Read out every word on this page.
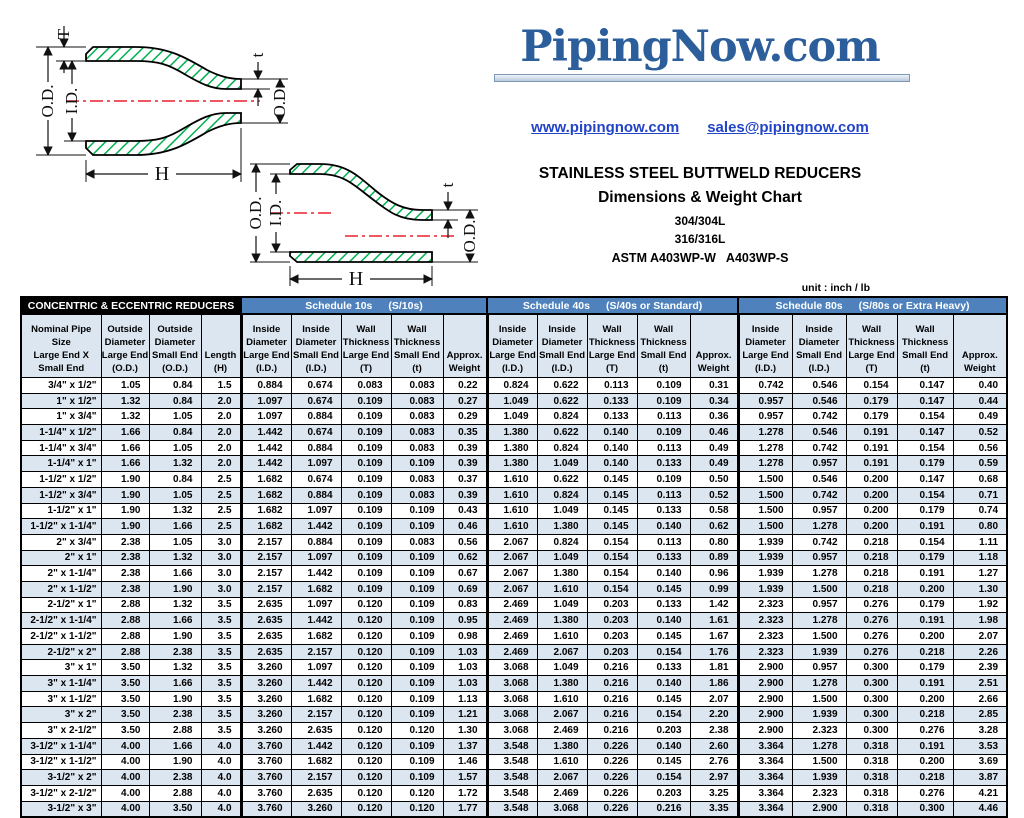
T
O.D. I.D.
t
O.D.
H
O.D. I.D.
t
O.D.
H
PipingNow.com
www.pipingnow.com sales@pipingnow.com
STAINLESS STEEL BUTTWELD REDUCERS
Dimensions & Weight Chart
304/304L
316/316L
ASTM A403WP-W   A403WP-S
unit : inch / lb
CONCENTRIC & ECCENTRIC REDUCERS				Schedule 10s (S/10s)					Schedule 40s (S/40s or Standard)					Schedule 80s (S/80s or Extra Heavy)				

Nominal Pipe
Size
Large End X
Small End	Outside
Diameter
Large End
(O.D.)	Outside
Diameter
Small End
(O.D.)	Length
(H)	Inside
Diameter
Large End
(I.D.)	Inside
Diameter
Small End
(I.D.)	Wall
Thickness
Large End
(T)	Wall
Thickness
Small End
(t)	Approx.
Weight	Inside
Diameter
Large End
(I.D.)	Inside
Diameter
Small End
(I.D.)	Wall
Thickness
Large End
(T)	Wall
Thickness
Small End
(t)	Approx.
Weight	Inside
Diameter
Large End
(I.D.)	Inside
Diameter
Small End
(I.D.)	Wall
Thickness
Large End
(T)	Wall
Thickness
Small End
(t)	Approx.
Weight
3/4" x 1/2"	1.05	0.84	1.5	0.884	0.674	0.083	0.083	0.22	0.824	0.622	0.113	0.109	0.31	0.742	0.546	0.154	0.147	0.40
1" x 1/2"	1.32	0.84	2.0	1.097	0.674	0.109	0.083	0.27	1.049	0.622	0.133	0.109	0.34	0.957	0.546	0.179	0.147	0.44
1" x 3/4"	1.32	1.05	2.0	1.097	0.884	0.109	0.083	0.29	1.049	0.824	0.133	0.113	0.36	0.957	0.742	0.179	0.154	0.49
1-1/4" x 1/2"	1.66	0.84	2.0	1.442	0.674	0.109	0.083	0.35	1.380	0.622	0.140	0.109	0.46	1.278	0.546	0.191	0.147	0.52
1-1/4" x 3/4"	1.66	1.05	2.0	1.442	0.884	0.109	0.083	0.39	1.380	0.824	0.140	0.113	0.49	1.278	0.742	0.191	0.154	0.56
1-1/4" x 1"	1.66	1.32	2.0	1.442	1.097	0.109	0.109	0.39	1.380	1.049	0.140	0.133	0.49	1.278	0.957	0.191	0.179	0.59
1-1/2" x 1/2"	1.90	0.84	2.5	1.682	0.674	0.109	0.083	0.37	1.610	0.622	0.145	0.109	0.50	1.500	0.546	0.200	0.147	0.68
1-1/2" x 3/4"	1.90	1.05	2.5	1.682	0.884	0.109	0.083	0.39	1.610	0.824	0.145	0.113	0.52	1.500	0.742	0.200	0.154	0.71
1-1/2" x 1"	1.90	1.32	2.5	1.682	1.097	0.109	0.109	0.43	1.610	1.049	0.145	0.133	0.58	1.500	0.957	0.200	0.179	0.74
1-1/2" x 1-1/4"	1.90	1.66	2.5	1.682	1.442	0.109	0.109	0.46	1.610	1.380	0.145	0.140	0.62	1.500	1.278	0.200	0.191	0.80
2" x 3/4"	2.38	1.05	3.0	2.157	0.884	0.109	0.083	0.56	2.067	0.824	0.154	0.113	0.80	1.939	0.742	0.218	0.154	1.11
2" x 1"	2.38	1.32	3.0	2.157	1.097	0.109	0.109	0.62	2.067	1.049	0.154	0.133	0.89	1.939	0.957	0.218	0.179	1.18
2" x 1-1/4"	2.38	1.66	3.0	2.157	1.442	0.109	0.109	0.67	2.067	1.380	0.154	0.140	0.96	1.939	1.278	0.218	0.191	1.27
2" x 1-1/2"	2.38	1.90	3.0	2.157	1.682	0.109	0.109	0.69	2.067	1.610	0.154	0.145	0.99	1.939	1.500	0.218	0.200	1.30
2-1/2" x 1"	2.88	1.32	3.5	2.635	1.097	0.120	0.109	0.83	2.469	1.049	0.203	0.133	1.42	2.323	0.957	0.276	0.179	1.92
2-1/2" x 1-1/4"	2.88	1.66	3.5	2.635	1.442	0.120	0.109	0.95	2.469	1.380	0.203	0.140	1.61	2.323	1.278	0.276	0.191	1.98
2-1/2" x 1-1/2"	2.88	1.90	3.5	2.635	1.682	0.120	0.109	0.98	2.469	1.610	0.203	0.145	1.67	2.323	1.500	0.276	0.200	2.07
2-1/2" x 2"	2.88	2.38	3.5	2.635	2.157	0.120	0.109	1.03	2.469	2.067	0.203	0.154	1.76	2.323	1.939	0.276	0.218	2.26
3" x 1"	3.50	1.32	3.5	3.260	1.097	0.120	0.109	1.03	3.068	1.049	0.216	0.133	1.81	2.900	0.957	0.300	0.179	2.39
3" x 1-1/4"	3.50	1.66	3.5	3.260	1.442	0.120	0.109	1.03	3.068	1.380	0.216	0.140	1.86	2.900	1.278	0.300	0.191	2.51
3" x 1-1/2"	3.50	1.90	3.5	3.260	1.682	0.120	0.109	1.13	3.068	1.610	0.216	0.145	2.07	2.900	1.500	0.300	0.200	2.66
3" x 2"	3.50	2.38	3.5	3.260	2.157	0.120	0.109	1.21	3.068	2.067	0.216	0.154	2.20	2.900	1.939	0.300	0.218	2.85
3" x 2-1/2"	3.50	2.88	3.5	3.260	2.635	0.120	0.120	1.30	3.068	2.469	0.216	0.203	2.38	2.900	2.323	0.300	0.276	3.28
3-1/2" x 1-1/4"	4.00	1.66	4.0	3.760	1.442	0.120	0.109	1.37	3.548	1.380	0.226	0.140	2.60	3.364	1.278	0.318	0.191	3.53
3-1/2" x 1-1/2"	4.00	1.90	4.0	3.760	1.682	0.120	0.109	1.46	3.548	1.610	0.226	0.145	2.76	3.364	1.500	0.318	0.200	3.69
3-1/2" x 2"	4.00	2.38	4.0	3.760	2.157	0.120	0.109	1.57	3.548	2.067	0.226	0.154	2.97	3.364	1.939	0.318	0.218	3.87
3-1/2" x 2-1/2"	4.00	2.88	4.0	3.760	2.635	0.120	0.120	1.72	3.548	2.469	0.226	0.203	3.25	3.364	2.323	0.318	0.276	4.21
3-1/2" x 3"	4.00	3.50	4.0	3.760	3.260	0.120	0.120	1.77	3.548	3.068	0.226	0.216	3.35	3.364	2.900	0.318	0.300	4.46
